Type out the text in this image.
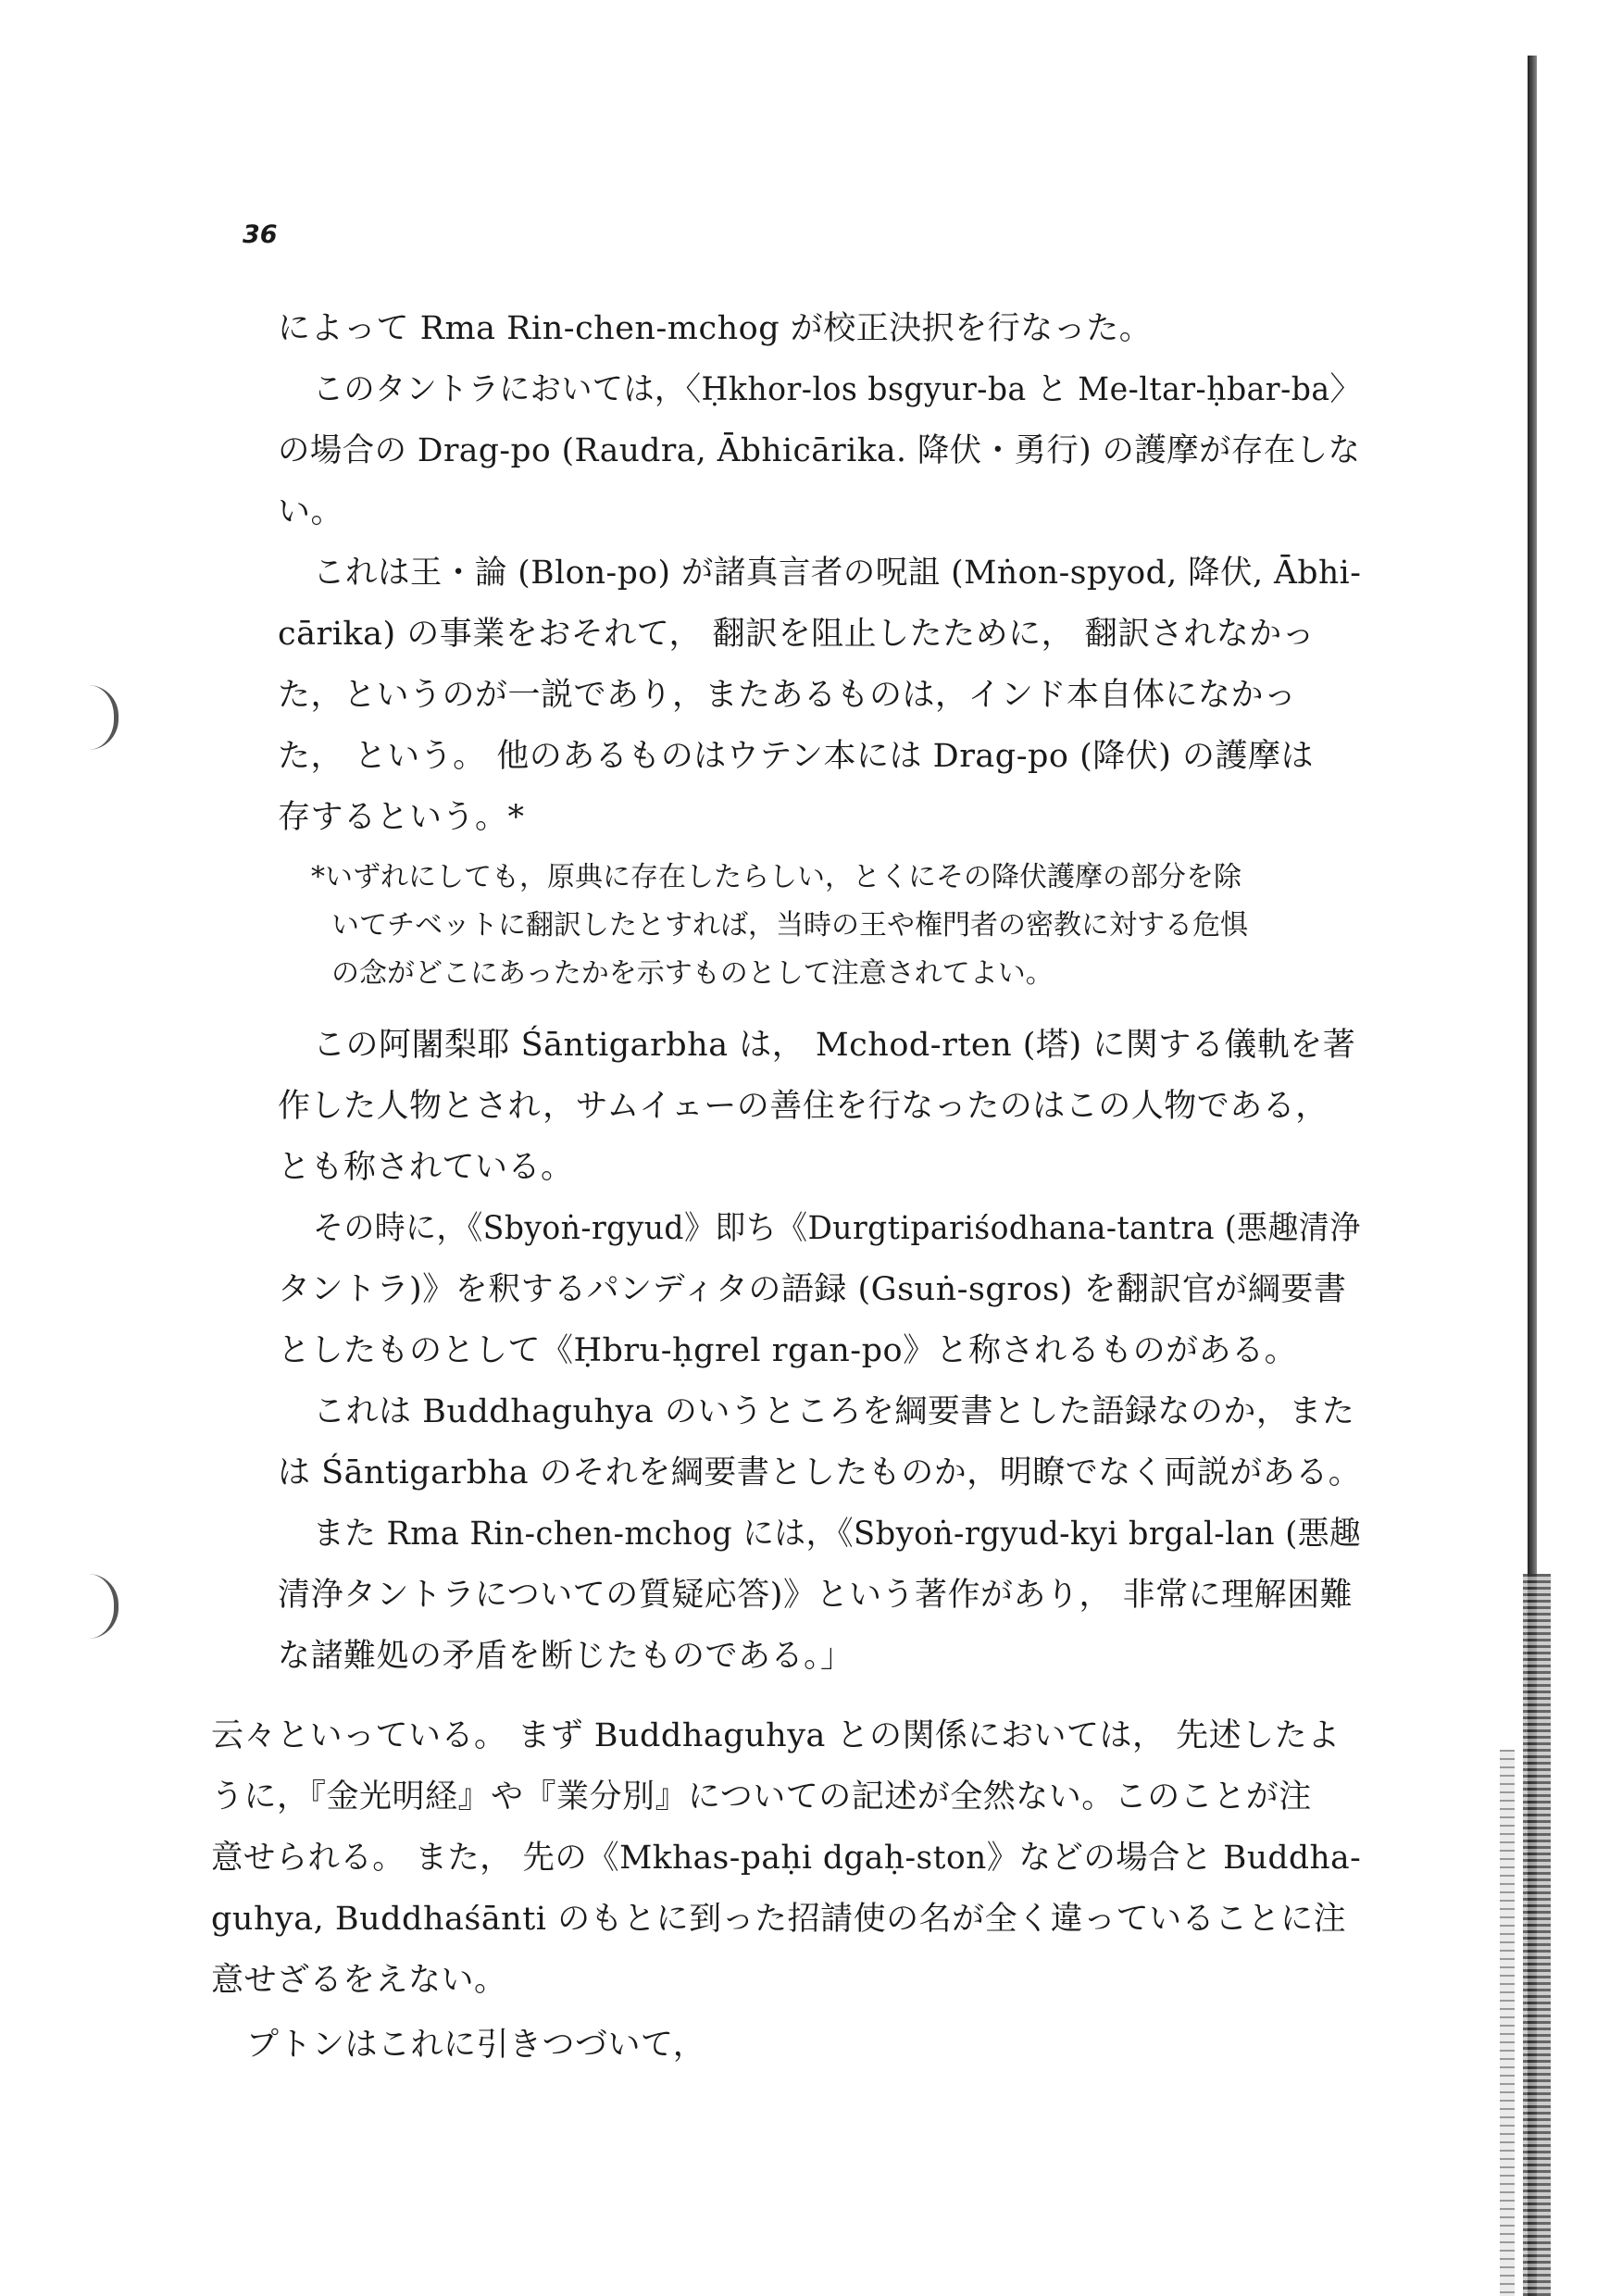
36
によって Rma Rin-chen-mchog が校正決択を行なった。
このタントラにおいては，〈Ḥkhor-los bsgyur-ba と Me-ltar-ḥbar-ba〉
の場合の Drag-po (Raudra, Ābhicārika. 降伏・勇行) の護摩が存在しな
い。
これは王・論 (Blon-po) が諸真言者の呪詛 (Mṅon-spyod, 降伏, Ābhi-
cārika) の事業をおそれて， 翻訳を阻止したために， 翻訳されなかっ
た，というのが一説であり，またあるものは，インド本自体になかっ
た， という。 他のあるものはウテン本には Drag-po (降伏) の護摩は
存するという。*
*いずれにしても，原典に存在したらしい，とくにその降伏護摩の部分を除
いてチベットに翻訳したとすれば，当時の王や権門者の密教に対する危惧
の念がどこにあったかを示すものとして注意されてよい。
この阿闍梨耶 Śāntigarbha は， Mchod-rten (塔) に関する儀軌を著
作した人物とされ，サムイェーの善住を行なったのはこの人物である，
とも称されている。
その時に，《Sbyoṅ-rgyud》即ち《Durgtipariśodhana-tantra (悪趣清浄
タントラ)》を釈するパンディタの語録 (Gsuṅ-sgros) を翻訳官が綱要書
としたものとして《Ḥbru-ḥgrel rgan-po》と称されるものがある。
これは Buddhaguhya のいうところを綱要書とした語録なのか，また
は Śāntigarbha のそれを綱要書としたものか，明瞭でなく両説がある。
また Rma Rin-chen-mchog には，《Sbyoṅ-rgyud-kyi brgal-lan (悪趣
清浄タントラについての質疑応答)》という著作があり， 非常に理解困難
な諸難処の矛盾を断じたものである。」
云々といっている。 まず Buddhaguhya との関係においては， 先述したよ
うに，『金光明経』や『業分別』についての記述が全然ない。このことが注
意せられる。 また， 先の《Mkhas-paḥi dgaḥ-ston》などの場合と Buddha-
guhya, Buddhaśānti のもとに到った招請使の名が全く違っていることに注
意せざるをえない。
プトンはこれに引きつづいて，
